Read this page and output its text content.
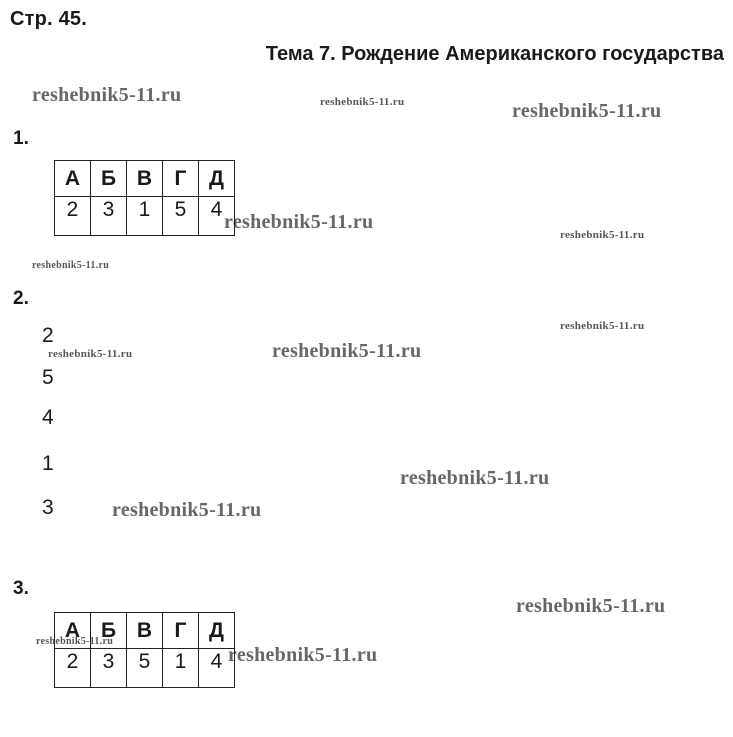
Стр. 45.
Тема 7. Рождение Американского государства
reshebnik5-11.ru	reshebnik5-11.ru	reshebnik5-11.ru
reshebnik5-11.ru
reshebnik5-11.ru
reshebnik5-11.ru
reshebnik5-11.ru
reshebnik5-11.ru	reshebnik5-11.ru
reshebnik5-11.ru
reshebnik5-11.ru
reshebnik5-11.ru
reshebnik5-11.ru
reshebnik5-11.ru
1.
А	Б	В	Г	Д
2	3	1	5	4
2.
2
5
4
1
3
3.
А	Б	В	Г	Д
2	3	5	1	4
